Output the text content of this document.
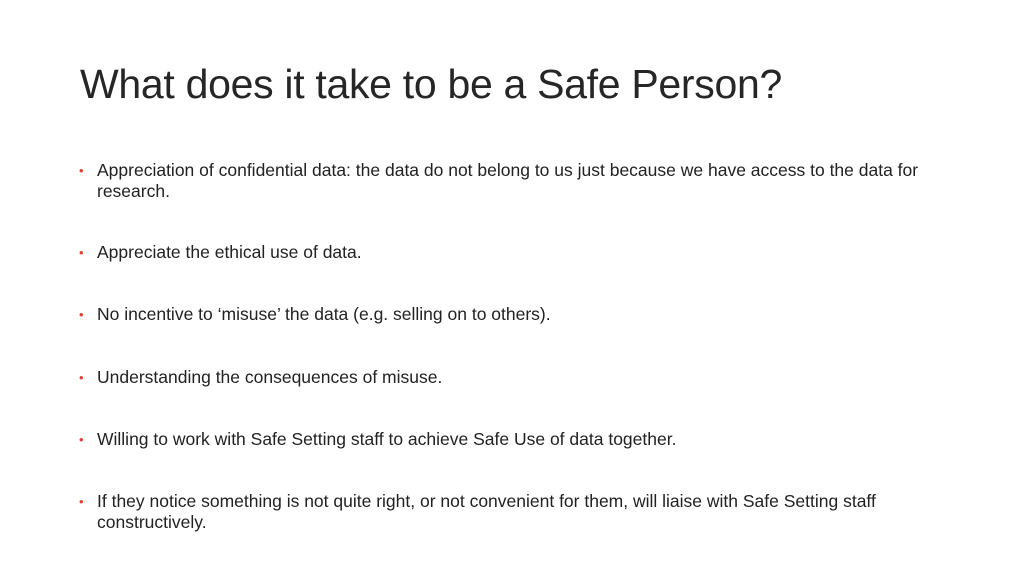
What does it take to be a Safe Person?
• Appreciation of confidential data: the data do not belong to us just because we have access to the data for research.
• Appreciate the ethical use of data.
• No incentive to ‘misuse’ the data (e.g. selling on to others).
• Understanding the consequences of misuse.
• Willing to work with Safe Setting staff to achieve Safe Use of data together.
• If they notice something is not quite right, or not convenient for them, will liaise with Safe Setting staff constructively.
